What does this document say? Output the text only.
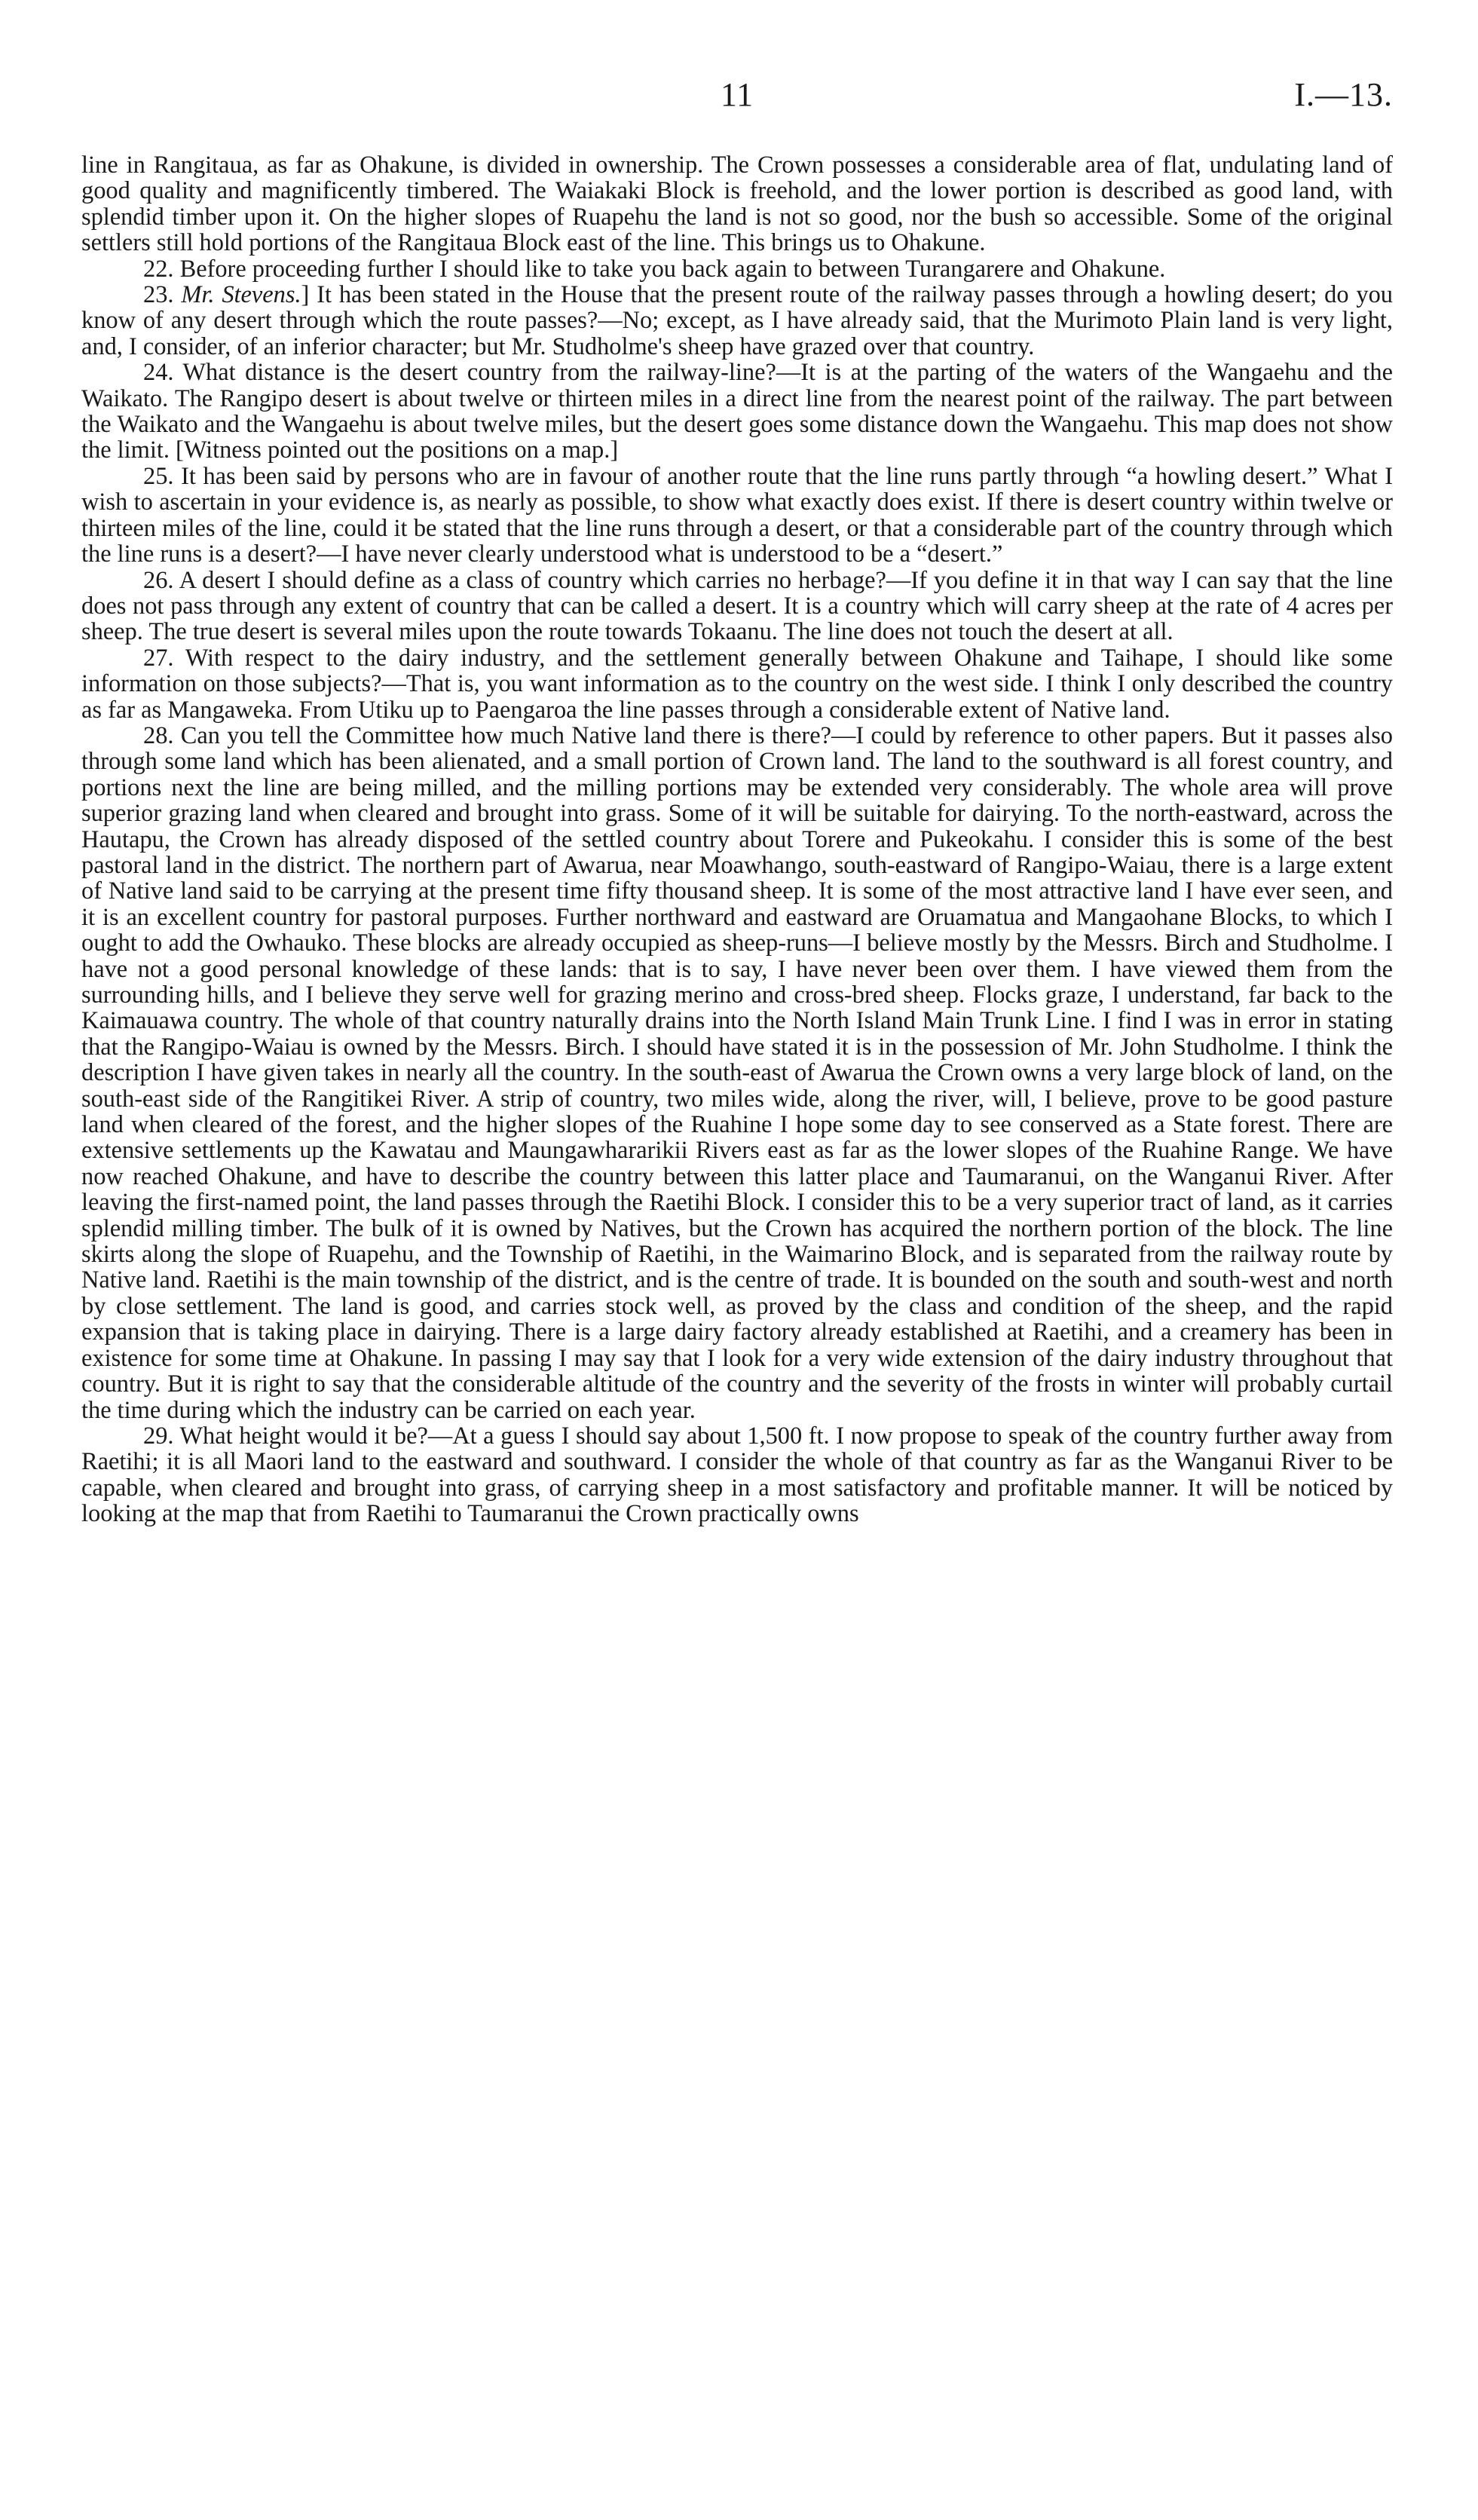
11	I.—13.

line in Rangitaua, as far as Ohakune, is divided in ownership. The Crown possesses a considerable area of flat, undulating land of good quality and magnificently timbered. The Waiakaki Block is freehold, and the lower portion is described as good land, with splendid timber upon it. On the higher slopes of Ruapehu the land is not so good, nor the bush so accessible. Some of the original settlers still hold portions of the Rangitaua Block east of the line. This brings us to Ohakune.

22. Before proceeding further I should like to take you back again to between Turangarere and Ohakune.

23. Mr. Stevens.] It has been stated in the House that the present route of the railway passes through a howling desert; do you know of any desert through which the route passes?—No; except, as I have already said, that the Murimoto Plain land is very light, and, I consider, of an inferior character; but Mr. Studholme's sheep have grazed over that country.

24. What distance is the desert country from the railway-line?—It is at the parting of the waters of the Wangaehu and the Waikato. The Rangipo desert is about twelve or thirteen miles in a direct line from the nearest point of the railway. The part between the Waikato and the Wangaehu is about twelve miles, but the desert goes some distance down the Wangaehu. This map does not show the limit. [Witness pointed out the positions on a map.]

25. It has been said by persons who are in favour of another route that the line runs partly through “a howling desert.” What I wish to ascertain in your evidence is, as nearly as possible, to show what exactly does exist. If there is desert country within twelve or thirteen miles of the line, could it be stated that the line runs through a desert, or that a considerable part of the country through which the line runs is a desert?—I have never clearly understood what is understood to be a “desert.”

26. A desert I should define as a class of country which carries no herbage?—If you define it in that way I can say that the line does not pass through any extent of country that can be called a desert. It is a country which will carry sheep at the rate of 4 acres per sheep. The true desert is several miles upon the route towards Tokaanu. The line does not touch the desert at all.

27. With respect to the dairy industry, and the settlement generally between Ohakune and Taihape, I should like some information on those subjects?—That is, you want information as to the country on the west side. I think I only described the country as far as Mangaweka. From Utiku up to Paengaroa the line passes through a considerable extent of Native land.

28. Can you tell the Committee how much Native land there is there?—I could by reference to other papers. But it passes also through some land which has been alienated, and a small portion of Crown land. The land to the southward is all forest country, and portions next the line are being milled, and the milling portions may be extended very considerably. The whole area will prove superior grazing land when cleared and brought into grass. Some of it will be suitable for dairying. To the north-eastward, across the Hautapu, the Crown has already disposed of the settled country about Torere and Pukeokahu. I consider this is some of the best pastoral land in the district. The northern part of Awarua, near Moawhango, south-eastward of Rangipo-Waiau, there is a large extent of Native land said to be carrying at the present time fifty thousand sheep. It is some of the most attractive land I have ever seen, and it is an excellent country for pastoral purposes. Further northward and eastward are Oruamatua and Mangaohane Blocks, to which I ought to add the Owhauko. These blocks are already occupied as sheep-runs—I believe mostly by the Messrs. Birch and Studholme. I have not a good personal knowledge of these lands: that is to say, I have never been over them. I have viewed them from the surrounding hills, and I believe they serve well for grazing merino and cross-bred sheep. Flocks graze, I understand, far back to the Kaimauawa country. The whole of that country naturally drains into the North Island Main Trunk Line. I find I was in error in stating that the Rangipo-Waiau is owned by the Messrs. Birch. I should have stated it is in the possession of Mr. John Studholme. I think the description I have given takes in nearly all the country. In the south-east of Awarua the Crown owns a very large block of land, on the south-east side of the Rangitikei River. A strip of country, two miles wide, along the river, will, I believe, prove to be good pasture land when cleared of the forest, and the higher slopes of the Ruahine I hope some day to see conserved as a State forest. There are extensive settlements up the Kawatau and Maungawhararikii Rivers east as far as the lower slopes of the Ruahine Range. We have now reached Ohakune, and have to describe the country between this latter place and Taumaranui, on the Wanganui River. After leaving the first-named point, the land passes through the Raetihi Block. I consider this to be a very superior tract of land, as it carries splendid milling timber. The bulk of it is owned by Natives, but the Crown has acquired the northern portion of the block. The line skirts along the slope of Ruapehu, and the Township of Raetihi, in the Waimarino Block, and is separated from the railway route by Native land. Raetihi is the main township of the district, and is the centre of trade. It is bounded on the south and south-west and north by close settlement. The land is good, and carries stock well, as proved by the class and condition of the sheep, and the rapid expansion that is taking place in dairying. There is a large dairy factory already established at Raetihi, and a creamery has been in existence for some time at Ohakune. In passing I may say that I look for a very wide extension of the dairy industry throughout that country. But it is right to say that the considerable altitude of the country and the severity of the frosts in winter will probably curtail the time during which the industry can be carried on each year.

29. What height would it be?—At a guess I should say about 1,500 ft. I now propose to speak of the country further away from Raetihi; it is all Maori land to the eastward and southward. I consider the whole of that country as far as the Wanganui River to be capable, when cleared and brought into grass, of carrying sheep in a most satisfactory and profitable manner. It will be noticed by looking at the map that from Raetihi to Taumaranui the Crown practically owns
